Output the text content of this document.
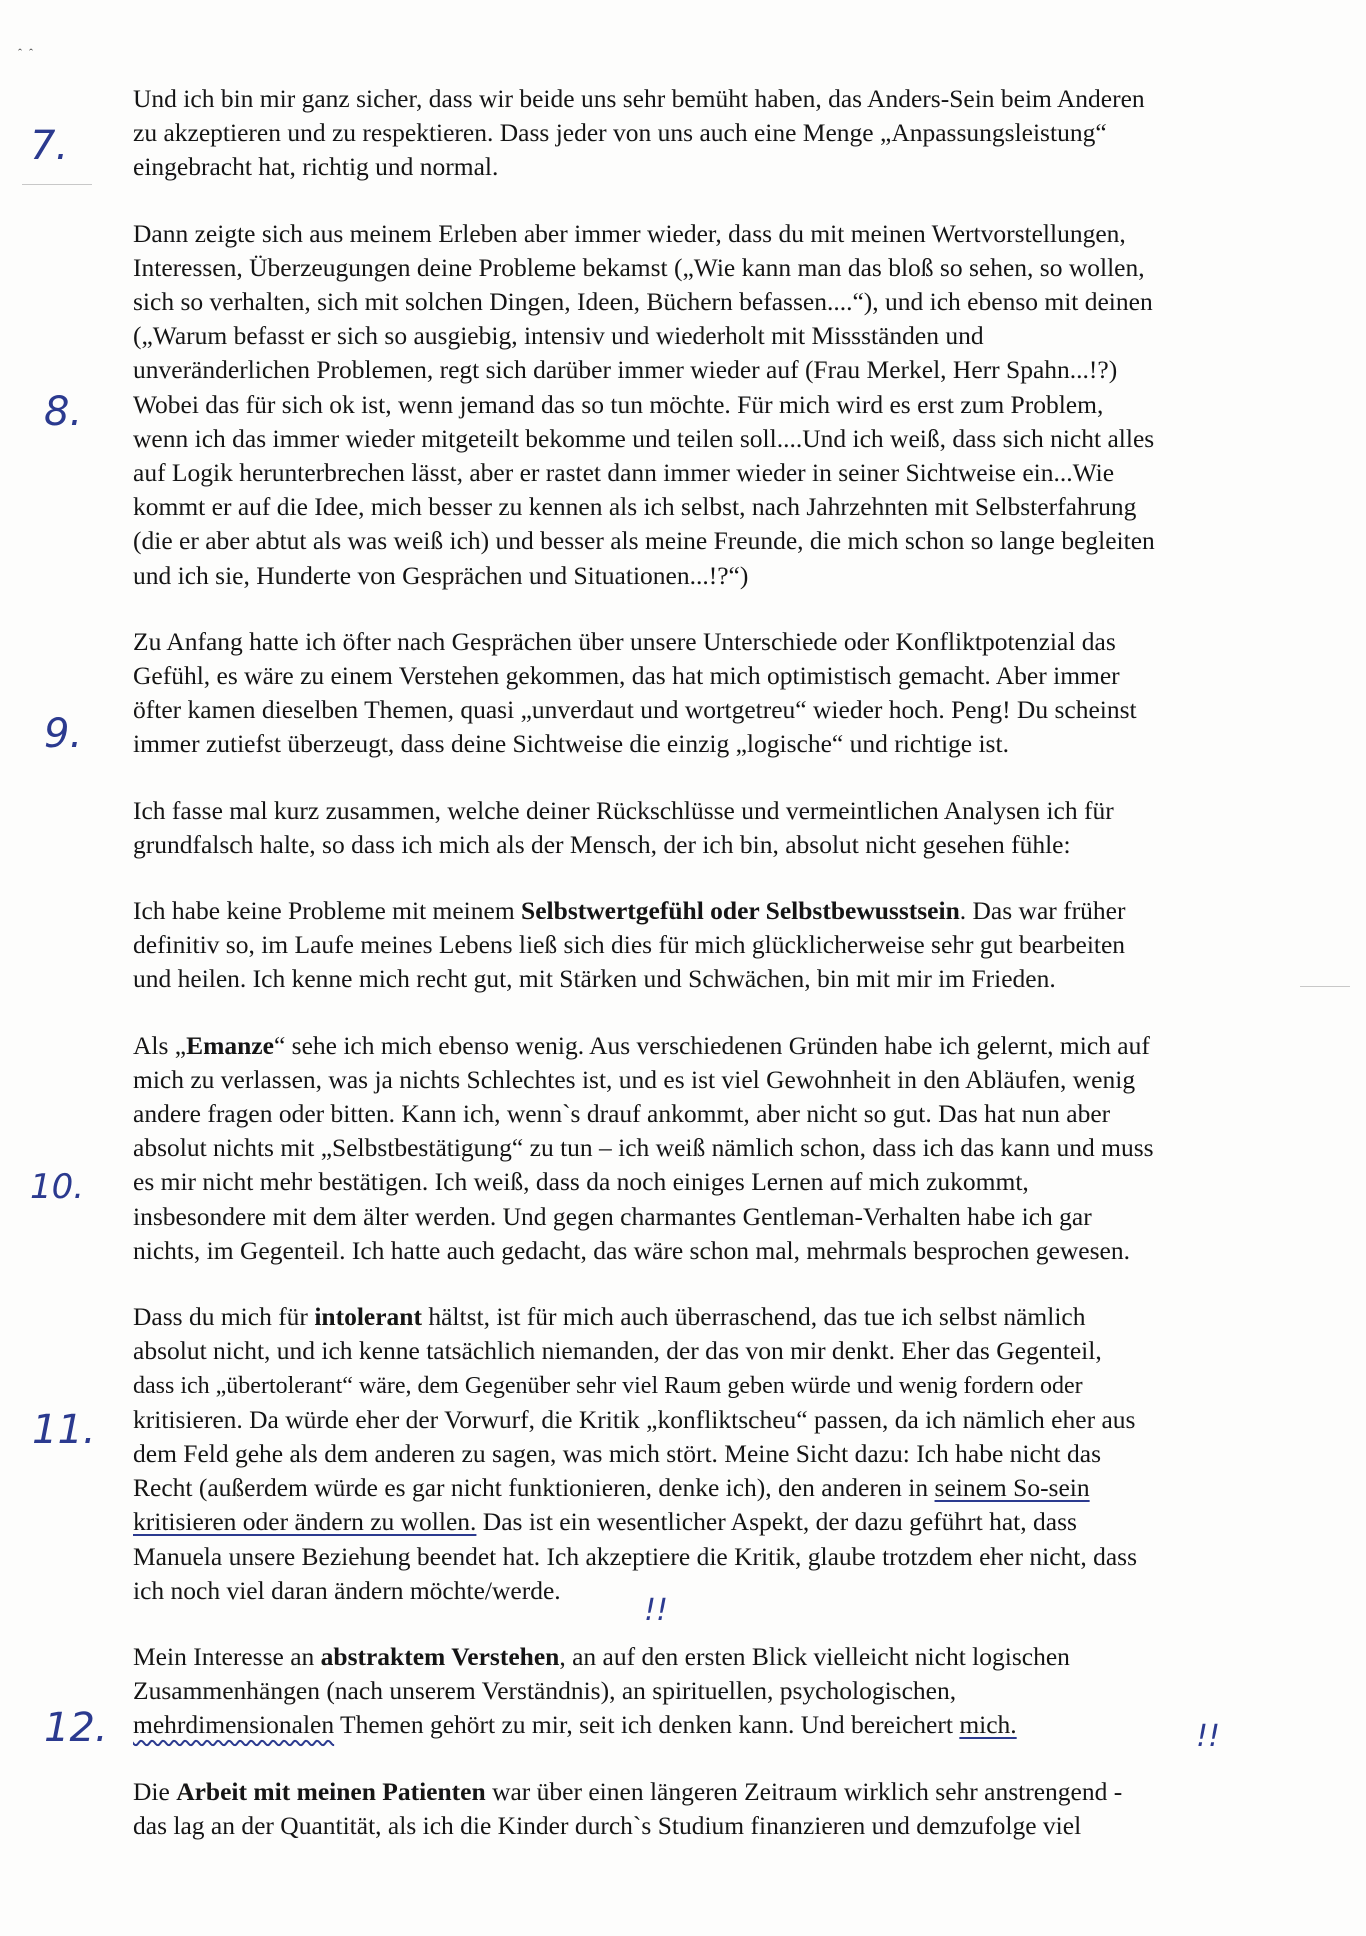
ˆ ˆ
7.
8.
9.
10.
11.
12.
!!
!!

Und ich bin mir ganz sicher, dass wir beide uns sehr bemüht haben, das Anders-Sein beim Anderen

zu akzeptieren und zu respektieren. Dass jeder von uns auch eine Menge „Anpassungsleistung“

eingebracht hat, richtig und normal.

Dann zeigte sich aus meinem Erleben aber immer wieder, dass du mit meinen Wertvorstellungen,

Interessen, Überzeugungen deine Probleme bekamst („Wie kann man das bloß so sehen, so wollen,

sich so verhalten, sich mit solchen Dingen, Ideen, Büchern befassen....“), und ich ebenso mit deinen

(„Warum befasst er sich so ausgiebig, intensiv und wiederholt mit Missständen und

unveränderlichen Problemen, regt sich darüber immer wieder auf (Frau Merkel, Herr Spahn...!?)

Wobei das für sich ok ist, wenn jemand das so tun möchte. Für mich wird es erst zum Problem,

wenn ich das immer wieder mitgeteilt bekomme und teilen soll....Und ich weiß, dass sich nicht alles

auf Logik herunterbrechen lässt, aber er rastet dann immer wieder in seiner Sichtweise ein...Wie

kommt er auf die Idee, mich besser zu kennen als ich selbst, nach Jahrzehnten mit Selbsterfahrung

(die er aber abtut als was weiß ich) und besser als meine Freunde, die mich schon so lange begleiten

und ich sie, Hunderte von Gesprächen und Situationen...!?“)

Zu Anfang hatte ich öfter nach Gesprächen über unsere Unterschiede oder Konfliktpotenzial das

Gefühl, es wäre zu einem Verstehen gekommen, das hat mich optimistisch gemacht. Aber immer

öfter kamen dieselben Themen, quasi „unverdaut und wortgetreu“ wieder hoch. Peng! Du scheinst

immer zutiefst überzeugt, dass deine Sichtweise die einzig „logische“ und richtige ist.

Ich fasse mal kurz zusammen, welche deiner Rückschlüsse und vermeintlichen Analysen ich für

grundfalsch halte, so dass ich mich als der Mensch, der ich bin, absolut nicht gesehen fühle:

Ich habe keine Probleme mit meinem Selbstwertgefühl oder Selbstbewusstsein. Das war früher

definitiv so, im Laufe meines Lebens ließ sich dies für mich glücklicherweise sehr gut bearbeiten

und heilen. Ich kenne mich recht gut, mit Stärken und Schwächen, bin mit mir im Frieden.

Als „Emanze“ sehe ich mich ebenso wenig. Aus verschiedenen Gründen habe ich gelernt, mich auf

mich zu verlassen, was ja nichts Schlechtes ist, und es ist viel Gewohnheit in den Abläufen, wenig

andere fragen oder bitten. Kann ich, wenn`s drauf ankommt, aber nicht so gut. Das hat nun aber

absolut nichts mit „Selbstbestätigung“ zu tun – ich weiß nämlich schon, dass ich das kann und muss

es mir nicht mehr bestätigen. Ich weiß, dass da noch einiges Lernen auf mich zukommt,

insbesondere mit dem älter werden. Und gegen charmantes Gentleman-Verhalten habe ich gar

nichts, im Gegenteil. Ich hatte auch gedacht, das wäre schon mal, mehrmals besprochen gewesen.

Dass du mich für intolerant hältst, ist für mich auch überraschend, das tue ich selbst nämlich

absolut nicht, und ich kenne tatsächlich niemanden, der das von mir denkt. Eher das Gegenteil,

dass ich „übertolerant“ wäre, dem Gegenüber sehr viel Raum geben würde und wenig fordern oder

kritisieren. Da würde eher der Vorwurf, die Kritik „konfliktscheu“ passen, da ich nämlich eher aus

dem Feld gehe als dem anderen zu sagen, was mich stört. Meine Sicht dazu: Ich habe nicht das

Recht (außerdem würde es gar nicht funktionieren, denke ich), den anderen in seinem So-sein

kritisieren oder ändern zu wollen. Das ist ein wesentlicher Aspekt, der dazu geführt hat, dass

Manuela unsere Beziehung beendet hat. Ich akzeptiere die Kritik, glaube trotzdem eher nicht, dass

ich noch viel daran ändern möchte/werde.

Mein Interesse an abstraktem Verstehen, an auf den ersten Blick vielleicht nicht logischen

Zusammenhängen (nach unserem Verständnis), an spirituellen, psychologischen,

mehrdimensionalen Themen gehört zu mir, seit ich denken kann. Und bereichert mich.

Die Arbeit mit meinen Patienten war über einen längeren Zeitraum wirklich sehr anstrengend -

das lag an der Quantität, als ich die Kinder durch`s Studium finanzieren und demzufolge viel
